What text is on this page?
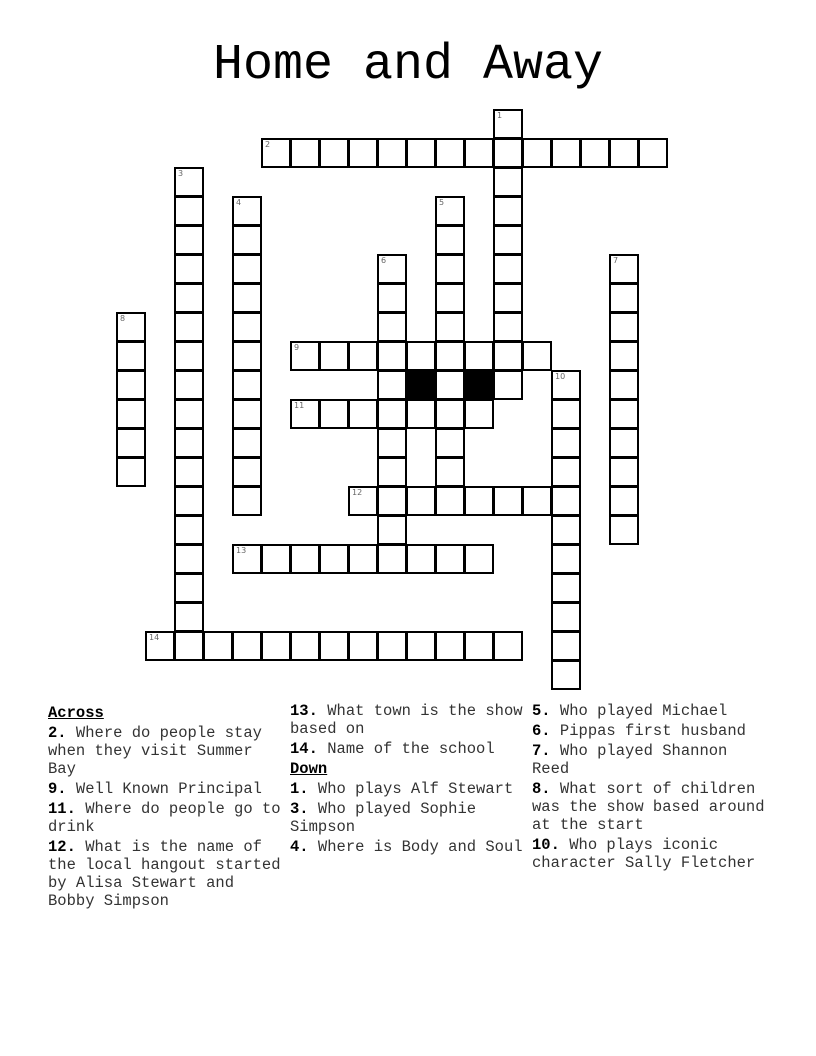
Home and Away
1
2
3
4	5
6	7
8
9
10
11
12
13
14
Across
2. Where do people stay when they visit Summer Bay
9. Well Known Principal
11. Where do people go to drink
12. What is the name of the local hangout started by Alisa Stewart and Bobby Simpson
13. What town is the show based on
14. Name of the school
Down
1. Who plays Alf Stewart
3. Who played Sophie Simpson
4. Where is Body and Soul
5. Who played Michael
6. Pippas first husband
7. Who played Shannon Reed
8. What sort of children was the show based around at the start
10. Who plays iconic character Sally Fletcher
